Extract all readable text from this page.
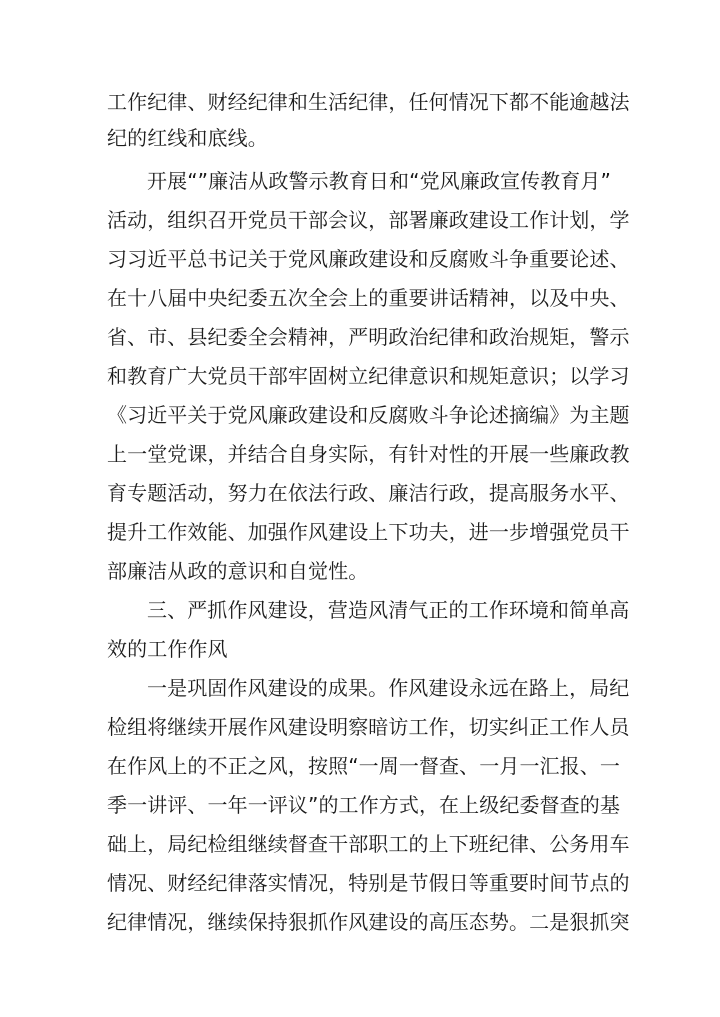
工作纪律、财经纪律和生活纪律，任何情况下都不能逾越法
纪的红线和底线。
开展“”廉洁从政警示教育日和“党风廉政宣传教育月”
活动，组织召开党员干部会议，部署廉政建设工作计划，学
习习近平总书记关于党风廉政建设和反腐败斗争重要论述、
在十八届中央纪委五次全会上的重要讲话精神，以及中央、
省、市、县纪委全会精神，严明政治纪律和政治规矩，警示
和教育广大党员干部牢固树立纪律意识和规矩意识；以学习
《习近平关于党风廉政建设和反腐败斗争论述摘编》为主题
上一堂党课，并结合自身实际，有针对性的开展一些廉政教
育专题活动，努力在依法行政、廉洁行政，提高服务水平、
提升工作效能、加强作风建设上下功夫，进一步增强党员干
部廉洁从政的意识和自觉性。
三、严抓作风建设，营造风清气正的工作环境和简单高
效的工作作风
一是巩固作风建设的成果。作风建设永远在路上，局纪
检组将继续开展作风建设明察暗访工作，切实纠正工作人员
在作风上的不正之风，按照“一周一督查、一月一汇报、一
季一讲评、一年一评议”的工作方式，在上级纪委督查的基
础上，局纪检组继续督查干部职工的上下班纪律、公务用车
情况、财经纪律落实情况，特别是节假日等重要时间节点的
纪律情况，继续保持狠抓作风建设的高压态势。二是狠抓突
